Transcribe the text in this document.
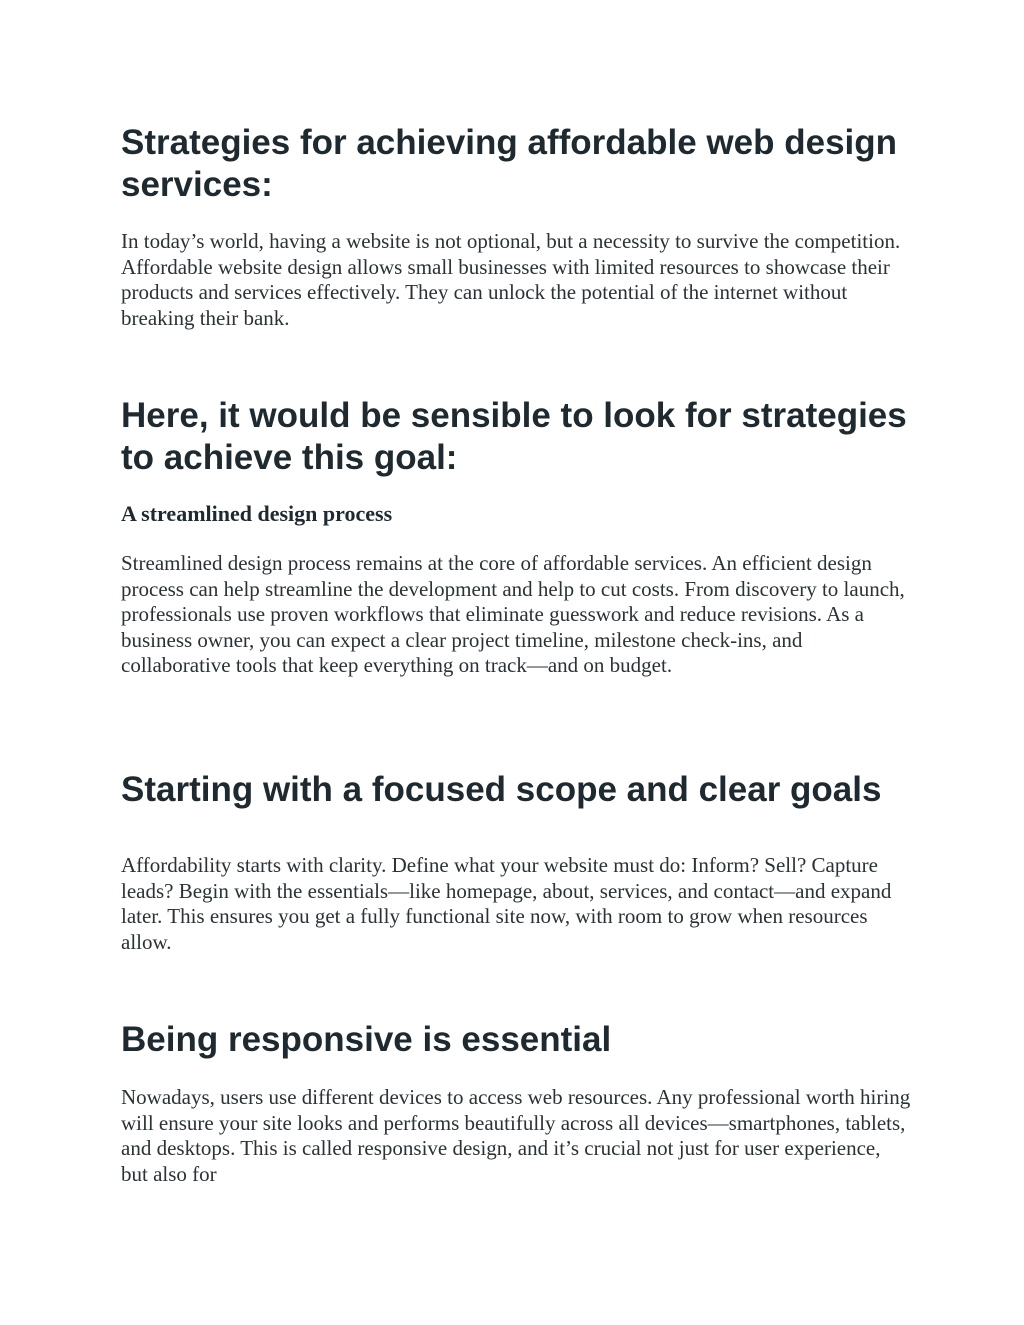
Strategies for achieving affordable web design services:

In today’s world, having a website is not optional, but a necessity to survive the competition. Affordable website design allows small businesses with limited resources to showcase their products and services effectively. They can unlock the potential of the internet without breaking their bank.

Here, it would be sensible to look for strategies to achieve this goal:
A streamlined design process

Streamlined design process remains at the core of affordable services. An efficient design process can help streamline the development and help to cut costs. From discovery to launch, professionals use proven workflows that eliminate guesswork and reduce revisions. As a business owner, you can expect a clear project timeline, milestone check-ins, and collaborative tools that keep everything on track—and on budget.

Starting with a focused scope and clear goals

Affordability starts with clarity. Define what your website must do: Inform? Sell? Capture leads? Begin with the essentials—like homepage, about, services, and contact—and expand later. This ensures you get a fully functional site now, with room to grow when resources allow.

Being responsive is essential

Nowadays, users use different devices to access web resources. Any professional worth hiring will ensure your site looks and performs beautifully across all devices—smartphones, tablets, and desktops. This is called responsive design, and it’s crucial not just for user experience, but also for
